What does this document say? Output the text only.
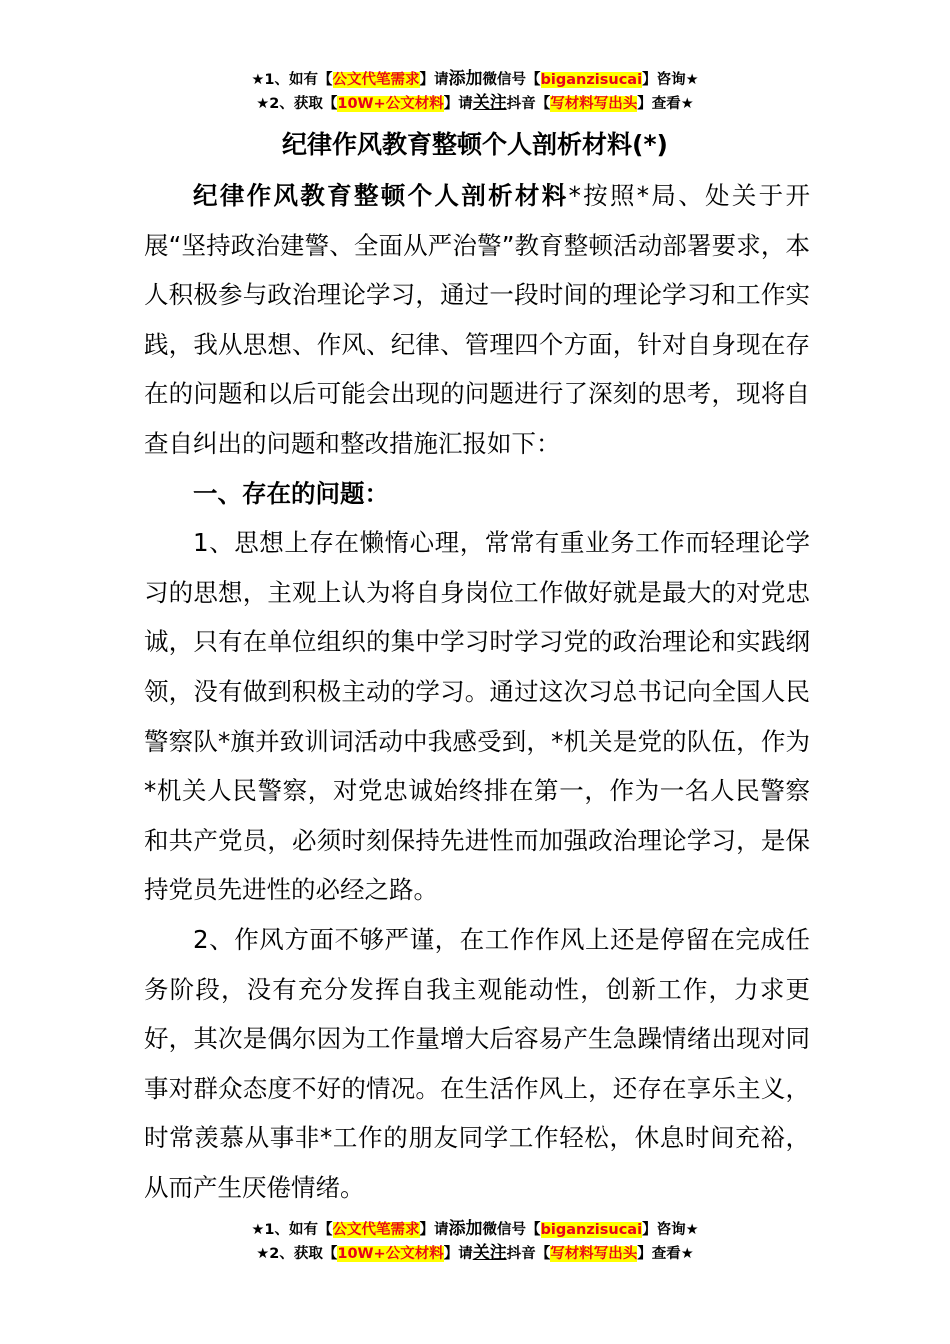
★1、如有【公文代笔需求】请添加微信号【biganzisucai】咨询★
★2、获取【10W+公文材料】请关注抖音【写材料写出头】查看★
纪律作风教育整顿个人剖析材料(*)

纪律作风教育整顿个人剖析材料*按照*局、处关于开展“坚持政治建警、全面从严治警”教育整顿活动部署要求，本人积极参与政治理论学习，通过一段时间的理论学习和工作实践，我从思想、作风、纪律、管理四个方面，针对自身现在存在的问题和以后可能会出现的问题进行了深刻的思考，现将自查自纠出的问题和整改措施汇报如下：

一、存在的问题：

1、思想上存在懒惰心理，常常有重业务工作而轻理论学习的思想，主观上认为将自身岗位工作做好就是最大的对党忠诚，只有在单位组织的集中学习时学习党的政治理论和实践纲领，没有做到积极主动的学习。通过这次习总书记向全国人民警察队*旗并致训词活动中我感受到，*机关是党的队伍，作为*机关人民警察，对党忠诚始终排在第一，作为一名人民警察和共产党员，必须时刻保持先进性而加强政治理论学习，是保持党员先进性的必经之路。

2、作风方面不够严谨，在工作作风上还是停留在完成任务阶段，没有充分发挥自我主观能动性，创新工作，力求更好，其次是偶尔因为工作量增大后容易产生急躁情绪出现对同事对群众态度不好的情况。在生活作风上，还存在享乐主义，时常羡慕从事非*工作的朋友同学工作轻松，休息时间充裕，从而产生厌倦情绪。

★1、如有【公文代笔需求】请添加微信号【biganzisucai】咨询★
★2、获取【10W+公文材料】请关注抖音【写材料写出头】查看★
